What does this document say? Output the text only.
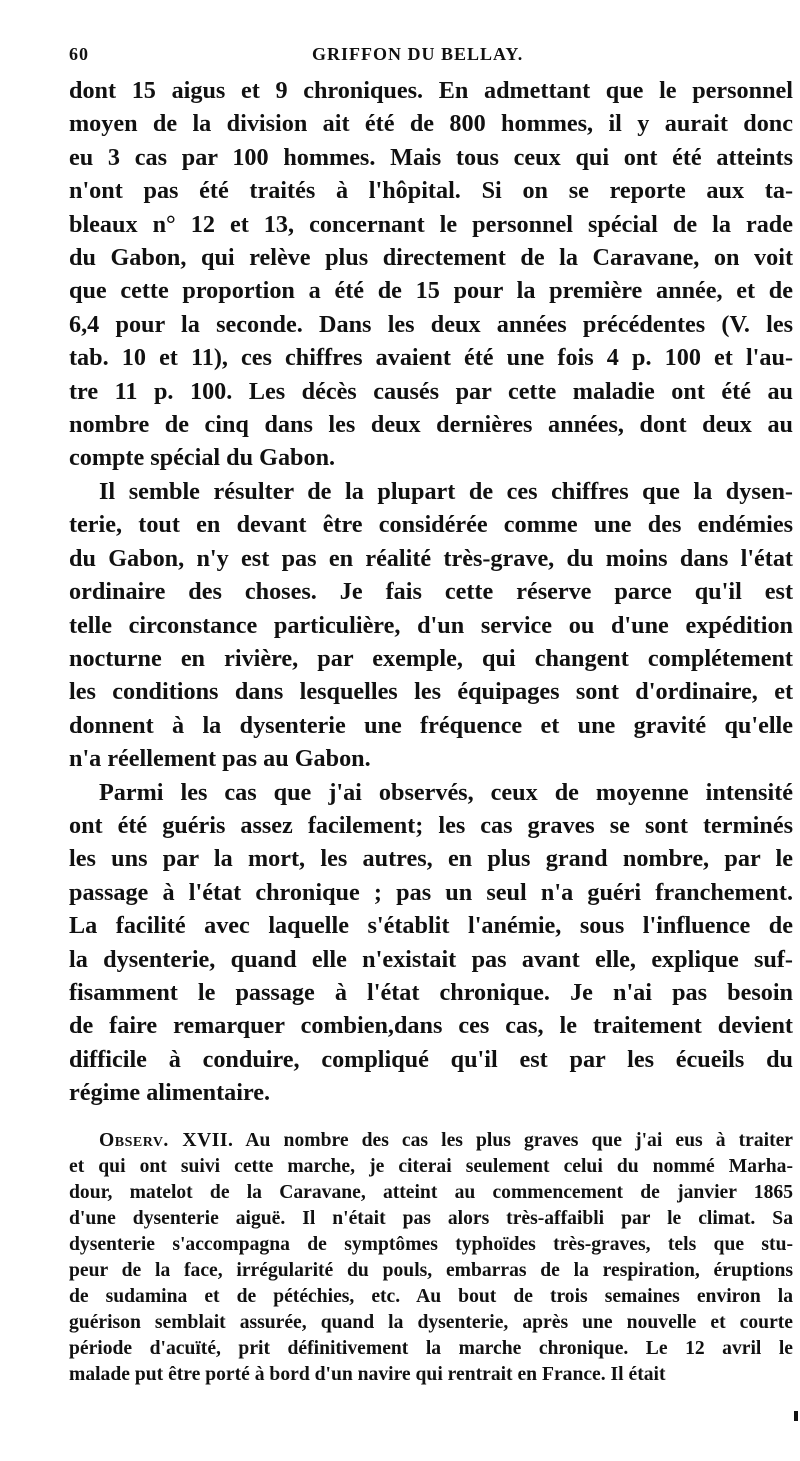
60	GRIFFON DU BELLAY.

dont 15 aigus et 9 chroniques. En admettant que le personnel
moyen de la division ait été de 800 hommes, il y aurait donc
eu 3 cas par 100 hommes. Mais tous ceux qui ont été atteints
n'ont pas été traités à l'hôpital. Si on se reporte aux ta-
bleaux n° 12 et 13, concernant le personnel spécial de la rade
du Gabon, qui relève plus directement de la Caravane, on voit
que cette proportion a été de 15 pour la première année, et de
6,4 pour la seconde. Dans les deux années précédentes (V. les
tab. 10 et 11), ces chiffres avaient été une fois 4 p. 100 et l'au-
tre 11 p. 100. Les décès causés par cette maladie ont été au
nombre de cinq dans les deux dernières années, dont deux au
compte spécial du Gabon.

Il semble résulter de la plupart de ces chiffres que la dysen-
terie, tout en devant être considérée comme une des endémies
du Gabon, n'y est pas en réalité très-grave, du moins dans l'état
ordinaire des choses. Je fais cette réserve parce qu'il est
telle circonstance particulière, d'un service ou d'une expédition
nocturne en rivière, par exemple, qui changent complétement
les conditions dans lesquelles les équipages sont d'ordinaire, et
donnent à la dysenterie une fréquence et une gravité qu'elle
n'a réellement pas au Gabon.

Parmi les cas que j'ai observés, ceux de moyenne intensité
ont été guéris assez facilement; les cas graves se sont terminés
les uns par la mort, les autres, en plus grand nombre, par le
passage à l'état chronique ; pas un seul n'a guéri franchement.
La facilité avec laquelle s'établit l'anémie, sous l'influence de
la dysenterie, quand elle n'existait pas avant elle, explique suf-
fisamment le passage à l'état chronique. Je n'ai pas besoin
de faire remarquer combien,dans ces cas, le traitement devient
difficile à conduire, compliqué qu'il est par les écueils du
régime alimentaire.

Observ. XVII. Au nombre des cas les plus graves que j'ai eus à traiter
et qui ont suivi cette marche, je citerai seulement celui du nommé Marha-
dour, matelot de la Caravane, atteint au commencement de janvier 1865
d'une dysenterie aiguë. Il n'était pas alors très-affaibli par le climat. Sa
dysenterie s'accompagna de symptômes typhoïdes très-graves, tels que stu-
peur de la face, irrégularité du pouls, embarras de la respiration, éruptions
de sudamina et de pétéchies, etc. Au bout de trois semaines environ la
guérison semblait assurée, quand la dysenterie, après une nouvelle et courte
période d'acuïté, prit définitivement la marche chronique. Le 12 avril le
malade put être porté à bord d'un navire qui rentrait en France. Il était
